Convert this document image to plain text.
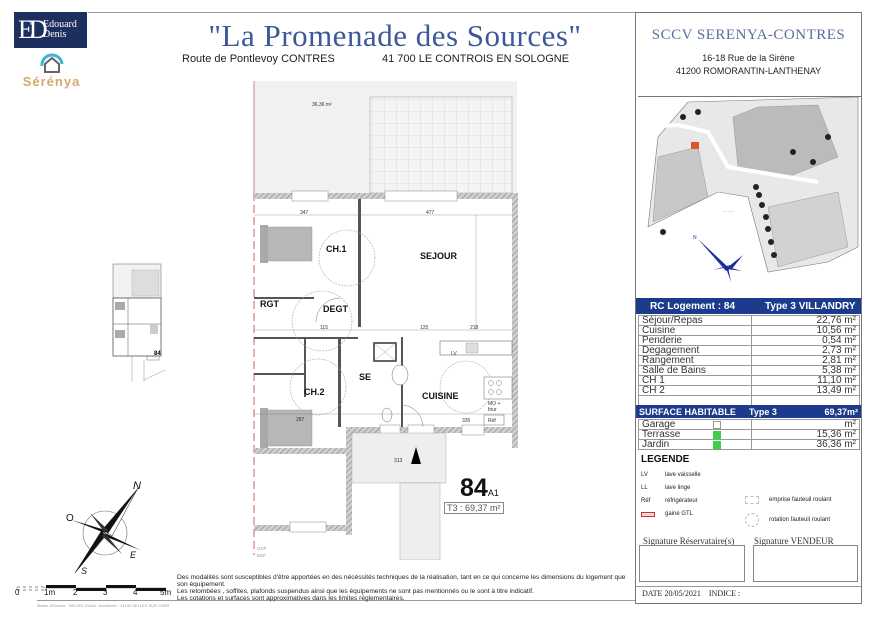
ED Edouard
Denis
Sérénya
"La Promenade des Sources"
Route de Pontlevoy CONTRES	41 700 LE CONTROIS EN SOLOGNE
84
GDF
EDF
36,36 m²
CH.1
SEJOUR
RGT	DEGT
CH.2
SE
CUISINE
LV
MO + four
Réf
347	477
115	125	218
287	335
313
84A1
T3 : 69,37 m²
N
O
E
S
0	1m 2	3	4	5m
Des modalités sont susceptibles d'être apportées en des nécéssités techniques de la réalisation, tant en ce qui concerne les dimensions du logement que son équipement.
Les retombées , soffites, plafonds suspendus ainsi que les équipements ne sont pas mentionnés ou le sont à titre indicatif.
Les cotations et surfaces sont approximatives dans les limites réglementaires.
Maître d'Oeuvre : SELARL EAAA - Architecte - 41100 SELLES SUR CHER
SCCV SERENYA-CONTRES
16-18 Rue de la Sirène
41200 ROMORANTIN-LANTHENAY
— — —
N
RC Logement : 84	Type 3 VILLANDRY
Séjour/Repas	22,76 m²
Cuisine	10,56 m²
Penderie	0,54 m²
Degagement	2,73 m²
Rangement	2,81 m²
Salle de Bains	5,38 m²
CH 1	11,10 m²
CH 2	13,49 m²

SURFACE HABITABLE	Type 3	69,37m²
Garage	m²
Terrasse	15,36 m²
Jardin	36,36 m²
LEGENDE
LV	lave vaisselle
LL	lave linge
Réf	réfrigérateur
gaine GTL
emprise fauteuil roulant
rotation fauteuil roulant
Signature Réservataire(s) Signature VENDEUR
DATE 20/05/2021 INDICE :
